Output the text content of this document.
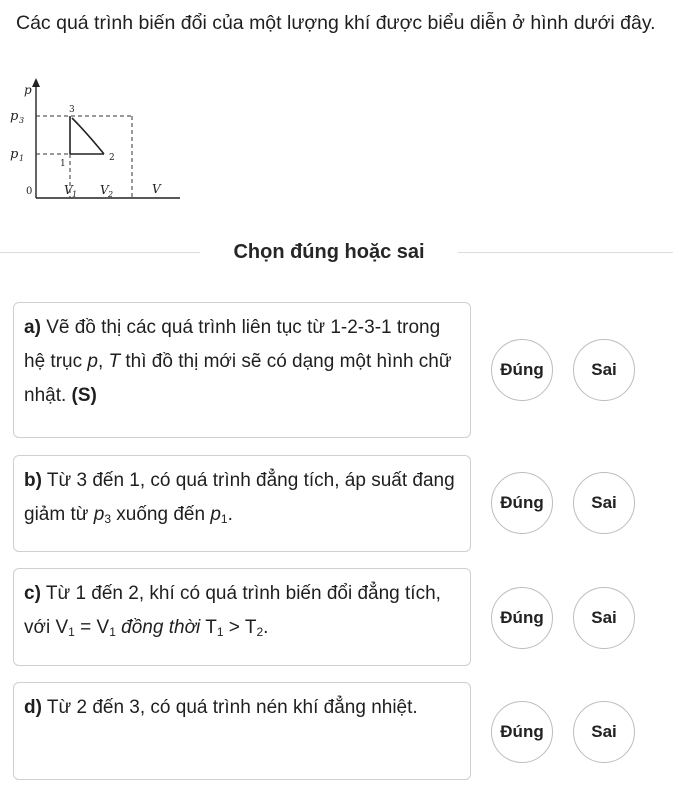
Các quá trình biến đổi của một lượng khí được biểu diễn ở hình dưới đây.

p
V
0
p 3
p 1
V 1 V 2
1
2
3
Chọn đúng hoặc sai
a) Vẽ đồ thị các quá trình liên tục từ 1-2-3-1 trong hệ trục p, T thì đồ thị mới sẽ có dạng một hình chữ nhật. (S)
Đúng	Sai
b) Từ 3 đến 1, có quá trình đẳng tích, áp suất đang giảm từ p3 xuống đến p1.
Đúng	Sai
c) Từ 1 đến 2, khí có quá trình biến đổi đẳng tích, với V1 = V1 đồng thời T1 > T2.	Đúng	Sai
d) Từ 2 đến 3, có quá trình nén khí đẳng nhiệt.
Đúng	Sai
